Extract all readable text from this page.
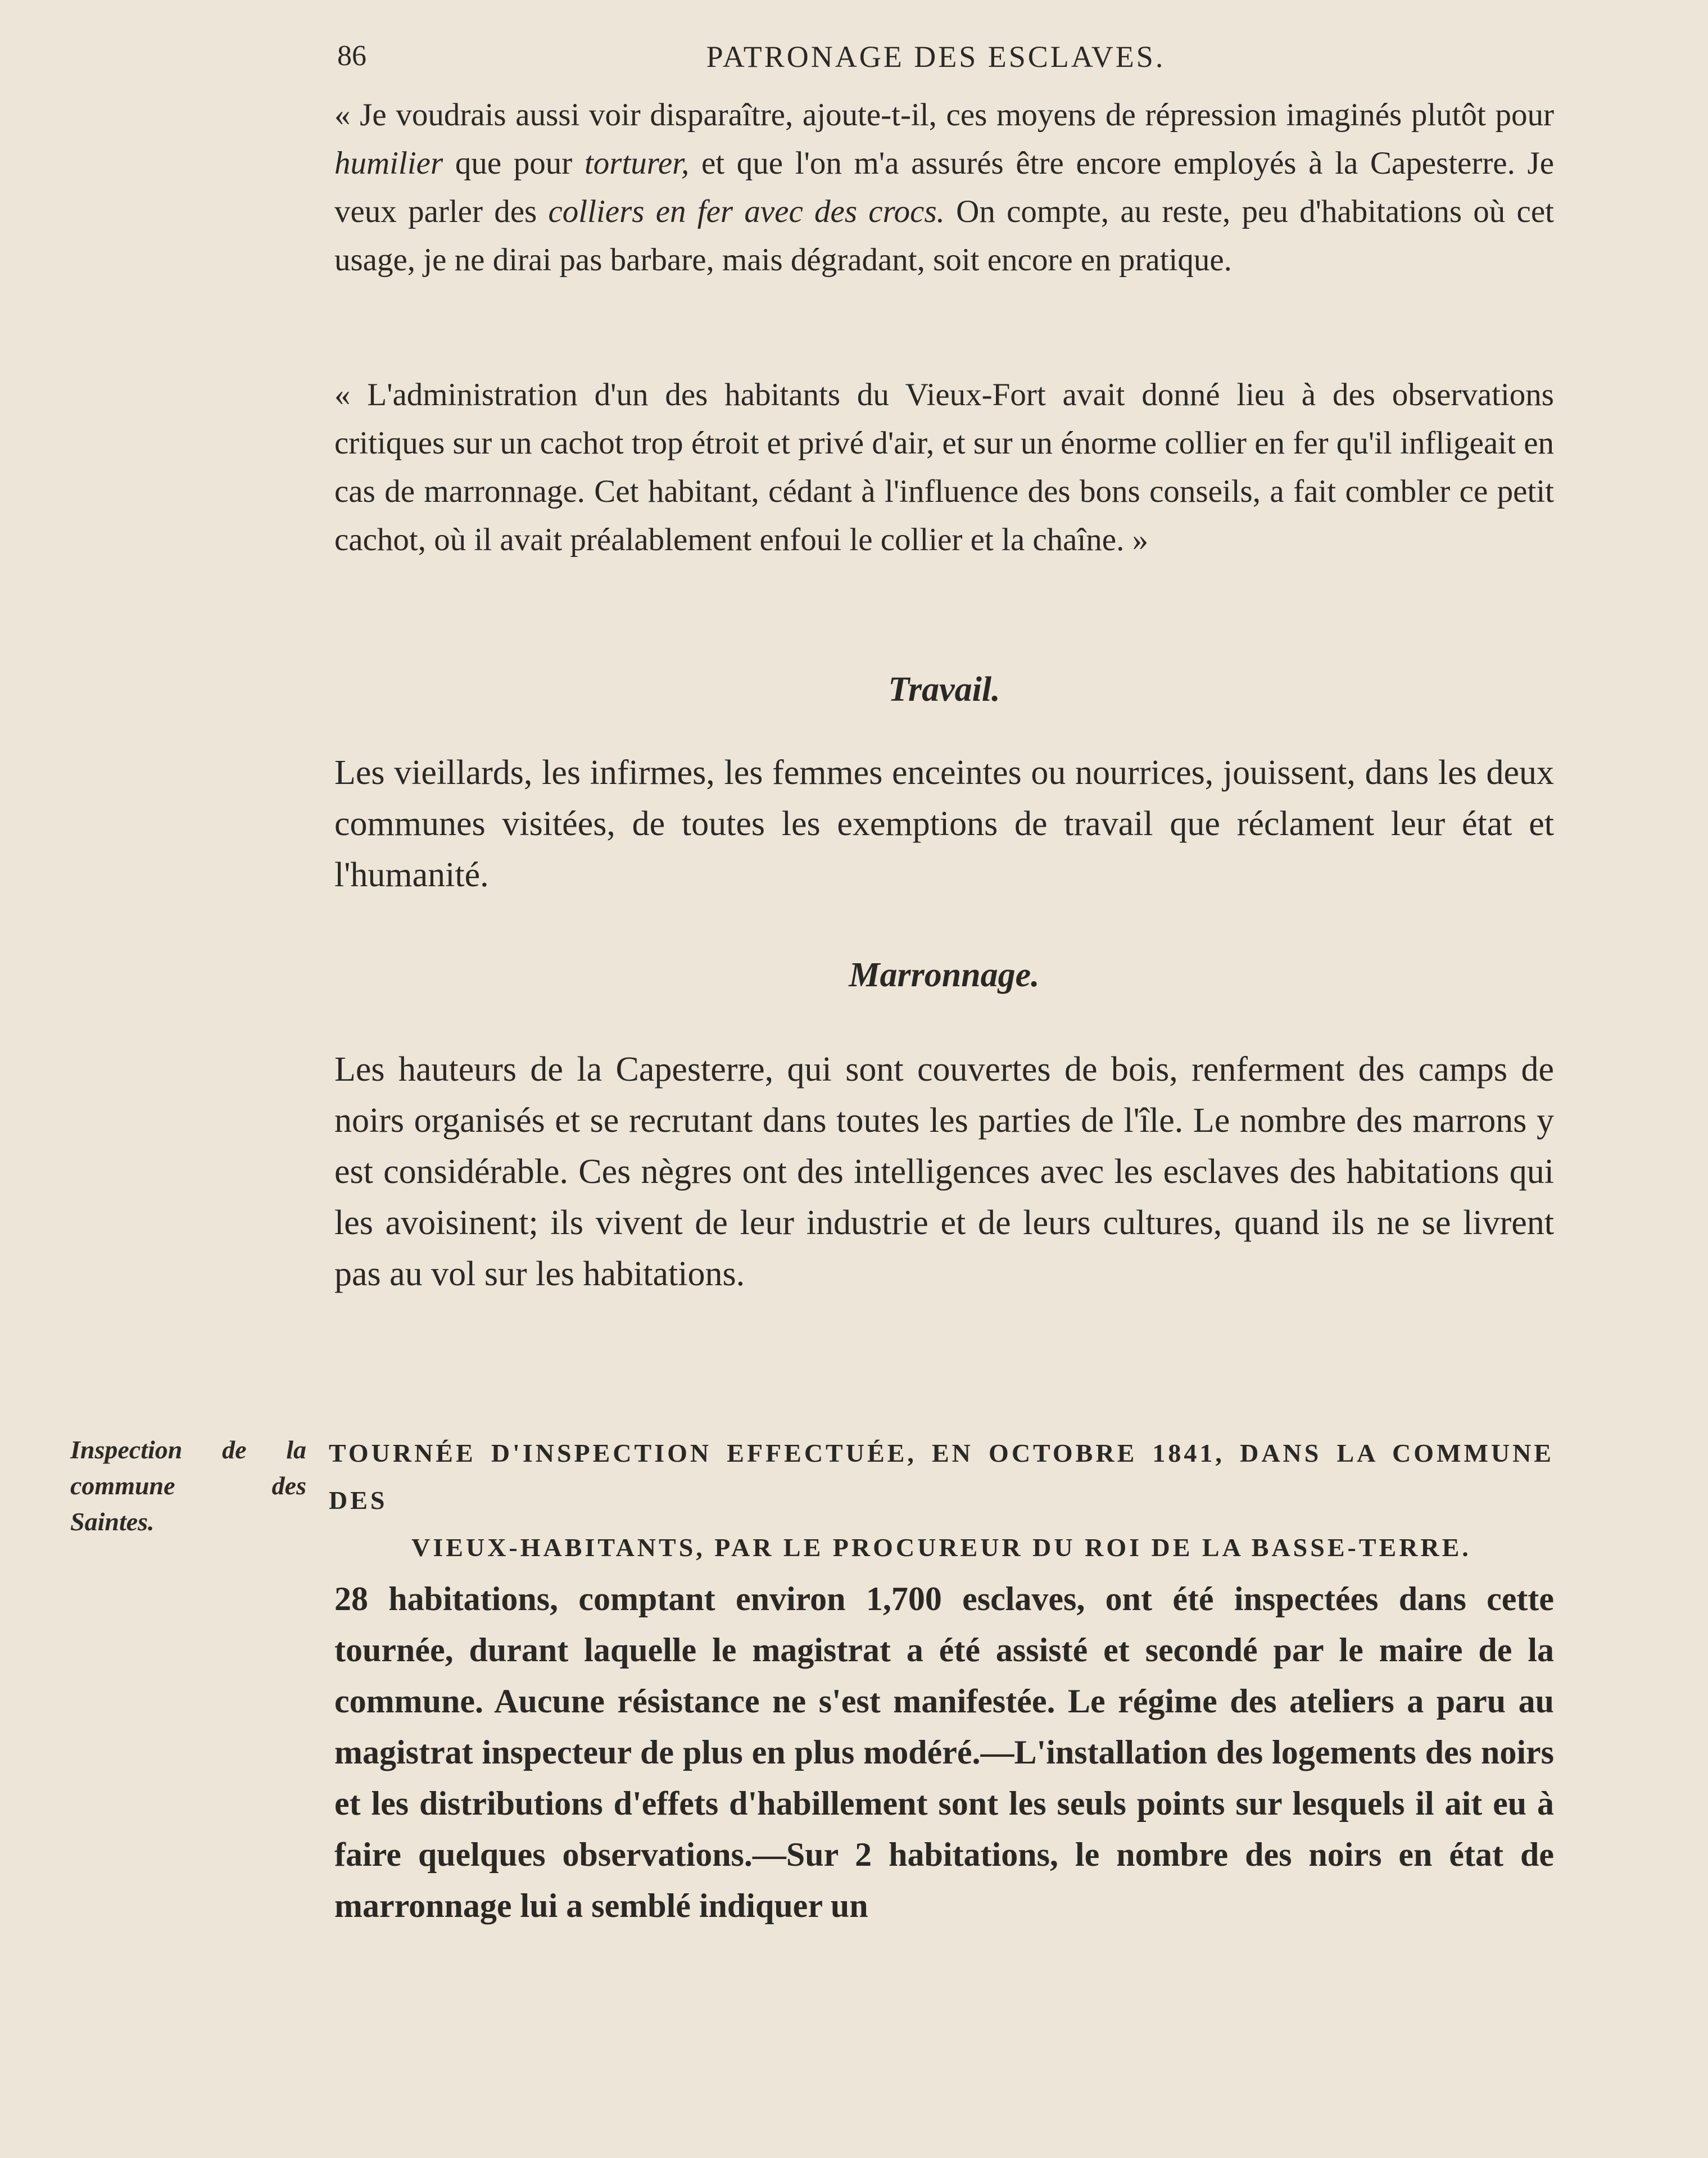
86	PATRONAGE DES ESCLAVES.

« Je voudrais aussi voir disparaître, ajoute-t-il, ces moyens de répression imaginés plutôt pour humilier que pour torturer, et que l'on m'a assurés être encore employés à la Capesterre. Je veux parler des colliers en fer avec des crocs. On compte, au reste, peu d'habitations où cet usage, je ne dirai pas barbare, mais dégradant, soit encore en pratique.

« L'administration d'un des habitants du Vieux-Fort avait donné lieu à des observations critiques sur un cachot trop étroit et privé d'air, et sur un énorme collier en fer qu'il infligeait en cas de marronnage. Cet habitant, cédant à l'influence des bons conseils, a fait combler ce petit cachot, où il avait préalablement enfoui le collier et la chaîne. »

Travail.

Les vieillards, les infirmes, les femmes enceintes ou nourrices, jouissent, dans les deux communes visitées, de toutes les exemptions de travail que réclament leur état et l'humanité.

Marronnage.

Les hauteurs de la Capesterre, qui sont couvertes de bois, renferment des camps de noirs organisés et se recrutant dans toutes les parties de l'île. Le nombre des marrons y est considérable. Ces nègres ont des intelligences avec les esclaves des habitations qui les avoisinent; ils vivent de leur industrie et de leurs cultures, quand ils ne se livrent pas au vol sur les habitations.

Inspection de la commune des Saintes.
TOURNÉE D'INSPECTION EFFECTUÉE, EN OCTOBRE 1841, DANS LA COMMUNE DES
VIEUX-HABITANTS, PAR LE PROCUREUR DU ROI DE LA BASSE-TERRE.

28 habitations, comptant environ 1,700 esclaves, ont été inspectées dans cette tournée, durant laquelle le magistrat a été assisté et secondé par le maire de la commune. Aucune résistance ne s'est manifestée. Le régime des ateliers a paru au magistrat inspecteur de plus en plus modéré.—L'installation des logements des noirs et les distributions d'effets d'habillement sont les seuls points sur lesquels il ait eu à faire quelques observations.—Sur 2 habitations, le nombre des noirs en état de marronnage lui a semblé indiquer un
